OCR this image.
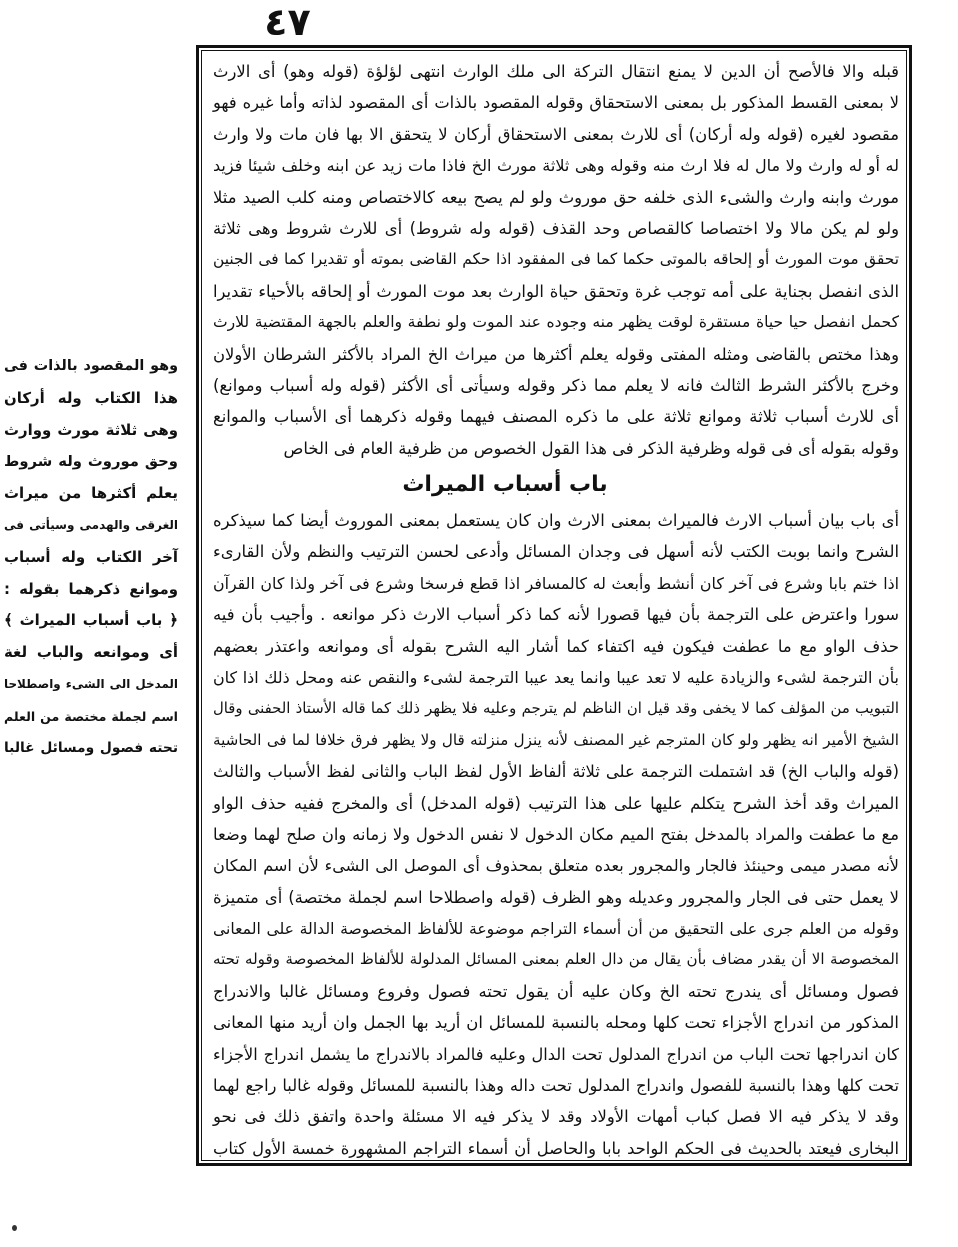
٤٧
قبله والا فالأصح أن الدين لا يمنع انتقال التركة الى ملك الوارث انتهى لؤلؤة (قوله وهو) أى الارث
لا بمعنى القسط المذكور بل بمعنى الاستحقاق وقوله المقصود بالذات أى المقصود لذاته وأما غيره فهو
مقصود لغيره (قوله وله أركان) أى للارث بمعنى الاستحقاق أركان لا يتحقق الا بها فان مات ولا وارث
له أو له وارث ولا مال له فلا ارث منه وقوله وهى ثلاثة مورث الخ فاذا مات زيد عن ابنه وخلف شيئا فزيد
مورث وابنه وارث والشىء الذى خلفه حق موروث ولو لم يصح بيعه كالاختصاص ومنه كلب الصيد مثلا
ولو لم يكن مالا ولا اختصاصا كالقصاص وحد القذف (قوله وله شروط) أى للارث شروط وهى ثلاثة
تحقق موت المورث أو إلحاقه بالموتى حكما كما فى المفقود اذا حكم القاضى بموته أو تقديرا كما فى الجنين
الذى انفصل بجناية على أمه توجب غرة وتحقق حياة الوارث بعد موت المورث أو إلحاقه بالأحياء تقديرا
كحمل انفصل حيا حياة مستقرة لوقت يظهر منه وجوده عند الموت ولو نطفة والعلم بالجهة المقتضية للارث
وهذا مختص بالقاضى ومثله المفتى وقوله يعلم أكثرها من ميراث الخ المراد بالأكثر الشرطان الأولان
وخرج بالأكثر الشرط الثالث فانه لا يعلم مما ذكر وقوله وسيأتى أى الأكثر (قوله وله أسباب وموانع)
أى للارث أسباب ثلاثة وموانع ثلاثة على ما ذكره المصنف فيهما وقوله ذكرهما أى الأسباب والموانع
وقوله بقوله أى فى قوله وظرفية الذكر فى هذا القول الخصوص من ظرفية العام فى الخاص
باب أسباب الميراث
أى باب بيان أسباب الارث فالميراث بمعنى الارث وان كان يستعمل بمعنى الموروث أيضا كما سيذكره
الشرح وانما بوبت الكتب لأنه أسهل فى وجدان المسائل وأدعى لحسن الترتيب والنظم ولأن القارىء
اذا ختم بابا وشرع فى آخر كان أنشط وأبعث له كالمسافر اذا قطع فرسخا وشرع فى آخر ولذا كان القرآن
سورا واعترض على الترجمة بأن فيها قصورا لأنه كما ذكر أسباب الارث ذكر موانعه . وأجيب بأن فيه
حذف الواو مع ما عطفت فيكون فيه اكتفاء كما أشار اليه الشرح بقوله أى وموانعه واعتذر بعضهم
بأن الترجمة لشىء والزيادة عليه لا تعد عيبا وانما يعد عيبا الترجمة لشىء والنقص عنه ومحل ذلك اذا كان
التبويب من المؤلف كما لا يخفى وقد قيل ان الناظم لم يترجم وعليه فلا يظهر ذلك كما قاله الأستاذ الحفنى وقال
الشيخ الأمير انه يظهر ولو كان المترجم غير المصنف لأنه ينزل منزلته قال ولا يظهر فرق خلافا لما فى الحاشية
(قوله والباب الخ) قد اشتملت الترجمة على ثلاثة ألفاظ الأول لفظ الباب والثانى لفظ الأسباب والثالث
الميراث وقد أخذ الشرح يتكلم عليها على هذا الترتيب (قوله المدخل) أى والمخرج ففيه حذف الواو
مع ما عطفت والمراد بالمدخل بفتح الميم مكان الدخول لا نفس الدخول ولا زمانه وان صلح لهما وضعا
لأنه مصدر ميمى وحينئذ فالجار والمجرور بعده متعلق بمحذوف أى الموصل الى الشىء لأن اسم المكان
لا يعمل حتى فى الجار والمجرور وعديله وهو الظرف (قوله واصطلاحا اسم لجملة مختصة) أى متميزة
وقوله من العلم جرى على التحقيق من أن أسماء التراجم موضوعة للألفاظ المخصوصة الدالة على المعانى
المخصوصة الا أن يقدر مضاف بأن يقال من دال العلم بمعنى المسائل المدلولة للألفاظ المخصوصة وقوله تحته
فصول ومسائل أى يندرج تحته الخ وكان عليه أن يقول تحته فصول وفروع ومسائل غالبا والاندراج
المذكور من اندراج الأجزاء تحت كلها ومحله بالنسبة للمسائل ان أريد بها الجمل وان أريد منها المعانى
كان اندراجها تحت الباب من اندراج المدلول تحت الدال وعليه فالمراد بالاندراج ما يشمل اندراج الأجزاء
تحت كلها وهذا بالنسبة للفصول واندراج المدلول تحت داله وهذا بالنسبة للمسائل وقوله غالبا راجع لهما
وقد لا يذكر فيه الا فصل كباب أمهات الأولاد وقد لا يذكر فيه الا مسئلة واحدة واتفق ذلك فى نحو
البخارى فيعتد بالحديث فى الحكم الواحد بابا والحاصل أن أسماء التراجم المشهورة خمسة الأول كتاب
وهو المقصود بالذات فى
هذا الكتاب وله أركان
وهى ثلاثة مورث ووارث
وحق موروث وله شروط
يعلم أكثرها من ميراث
الغرقى والهدمى وسيأتى فى
آخر الكتاب وله أسباب
وموانع ذكرهما بقوله :
﴿ باب أسباب الميراث ﴾
أى وموانعه والباب لغة
المدخل الى الشىء واصطلاحا
اسم لجملة مختصة من العلم
تحته فصول ومسائل غالبا
